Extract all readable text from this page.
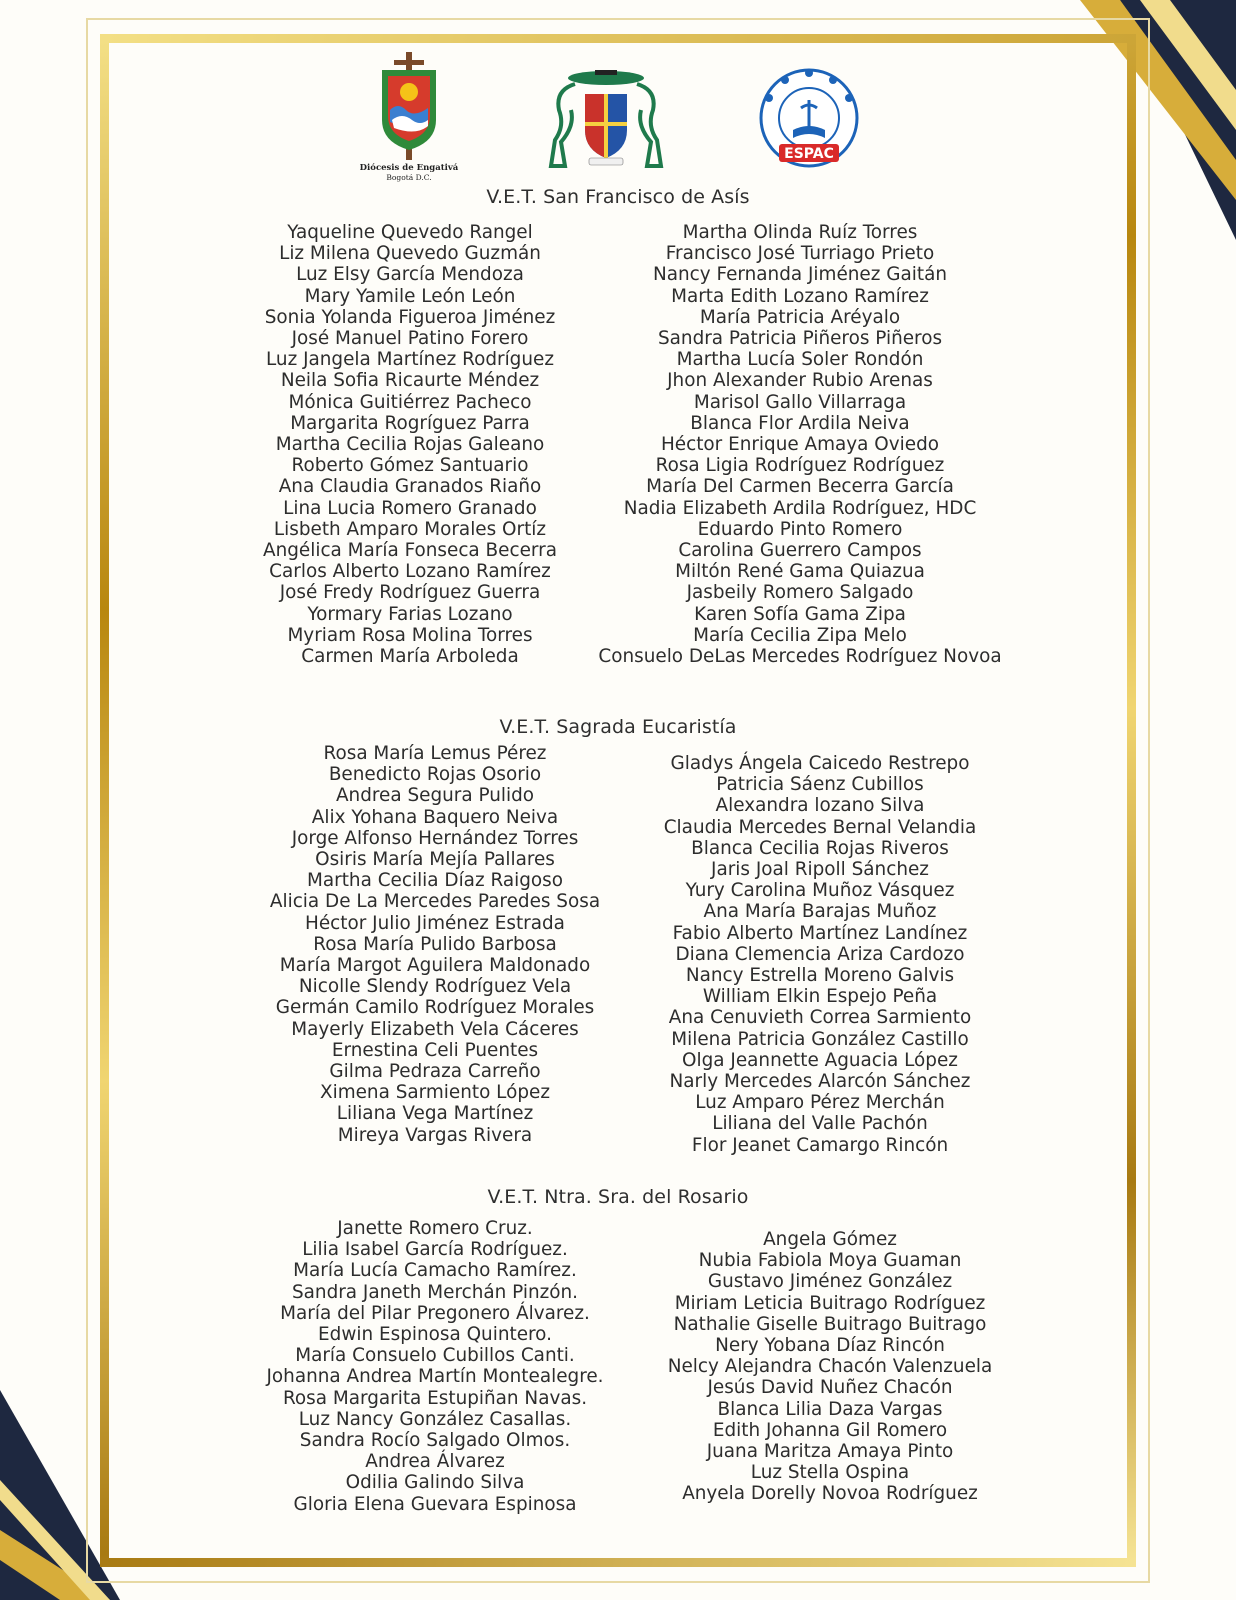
Diócesis de Engativá
Bogotá D.C.
ESPAC
V.E.T. San Francisco de Asís
Yaqueline Quevedo Rangel
Liz Milena Quevedo Guzmán
Luz Elsy García Mendoza
Mary Yamile León León
Sonia Yolanda Figueroa Jiménez
José Manuel Patino Forero
Luz Jangela Martínez Rodríguez
Neila Sofia Ricaurte Méndez
Mónica Guitiérrez Pacheco
Margarita Rogríguez Parra
Martha Cecilia Rojas Galeano
Roberto Gómez Santuario
Ana Claudia Granados Riaño
Lina Lucia Romero Granado
Lisbeth Amparo Morales Ortíz
Angélica María Fonseca Becerra
Carlos Alberto Lozano Ramírez
José Fredy Rodríguez Guerra
Yormary Farias Lozano
Myriam Rosa Molina Torres
Carmen María Arboleda
Martha Olinda Ruíz Torres
Francisco José Turriago Prieto
Nancy Fernanda Jiménez Gaitán
Marta Edith Lozano Ramírez
María Patricia Aréyalo
Sandra Patricia Piñeros Piñeros
Martha Lucía Soler Rondón
Jhon Alexander Rubio Arenas
Marisol Gallo Villarraga
Blanca Flor Ardila Neiva
Héctor Enrique Amaya Oviedo
Rosa Ligia Rodríguez Rodríguez
María Del Carmen Becerra García
Nadia Elizabeth Ardila Rodríguez, HDC
Eduardo Pinto Romero
Carolina Guerrero Campos
Miltón René Gama Quiazua
Jasbeily Romero Salgado
Karen Sofía Gama Zipa
María Cecilia Zipa Melo
Consuelo DeLas Mercedes Rodríguez Novoa
V.E.T. Sagrada Eucaristía
Rosa María Lemus Pérez
Benedicto Rojas Osorio
Andrea Segura Pulido
Alix Yohana Baquero Neiva
Jorge Alfonso Hernández Torres
Osiris María Mejía Pallares
Martha Cecilia Díaz Raigoso
Alicia De La Mercedes Paredes Sosa
Héctor Julio Jiménez Estrada
Rosa María Pulido Barbosa
María Margot Aguilera Maldonado
Nicolle Slendy Rodríguez Vela
Germán Camilo Rodríguez Morales
Mayerly Elizabeth Vela Cáceres
Ernestina Celi Puentes
Gilma Pedraza Carreño
Ximena Sarmiento López
Liliana Vega Martínez
Mireya Vargas Rivera
Gladys Ángela Caicedo Restrepo
Patricia Sáenz Cubillos
Alexandra lozano Silva
Claudia Mercedes Bernal Velandia
Blanca Cecilia Rojas Riveros
Jaris Joal Ripoll Sánchez
Yury Carolina Muñoz Vásquez
Ana María Barajas Muñoz
Fabio Alberto Martínez Landínez
Diana Clemencia Ariza Cardozo
Nancy Estrella Moreno Galvis
William Elkin Espejo Peña
Ana Cenuvieth Correa Sarmiento
Milena Patricia González Castillo
Olga Jeannette Aguacia López
Narly Mercedes Alarcón Sánchez
Luz Amparo Pérez Merchán
Liliana del Valle Pachón
Flor Jeanet Camargo Rincón
V.E.T. Ntra. Sra. del Rosario
Janette Romero Cruz.
Lilia Isabel García Rodríguez.
María Lucía Camacho Ramírez.
Sandra Janeth Merchán Pinzón.
María del Pilar Pregonero Álvarez.
Edwin Espinosa Quintero.
María Consuelo Cubillos Canti.
Johanna Andrea Martín Montealegre.
Rosa Margarita Estupiñan Navas.
Luz Nancy González Casallas.
Sandra Rocío Salgado Olmos.
Andrea Álvarez
Odilia Galindo Silva
Gloria Elena Guevara Espinosa
Angela Gómez
Nubia Fabiola Moya Guaman
Gustavo Jiménez González
Miriam Leticia Buitrago Rodríguez
Nathalie Giselle Buitrago Buitrago
Nery Yobana Díaz Rincón
Nelcy Alejandra Chacón Valenzuela
Jesús David Nuñez Chacón
Blanca Lilia Daza Vargas
Edith Johanna Gil Romero
Juana Maritza Amaya Pinto
Luz Stella Ospina
Anyela Dorelly Novoa Rodríguez
